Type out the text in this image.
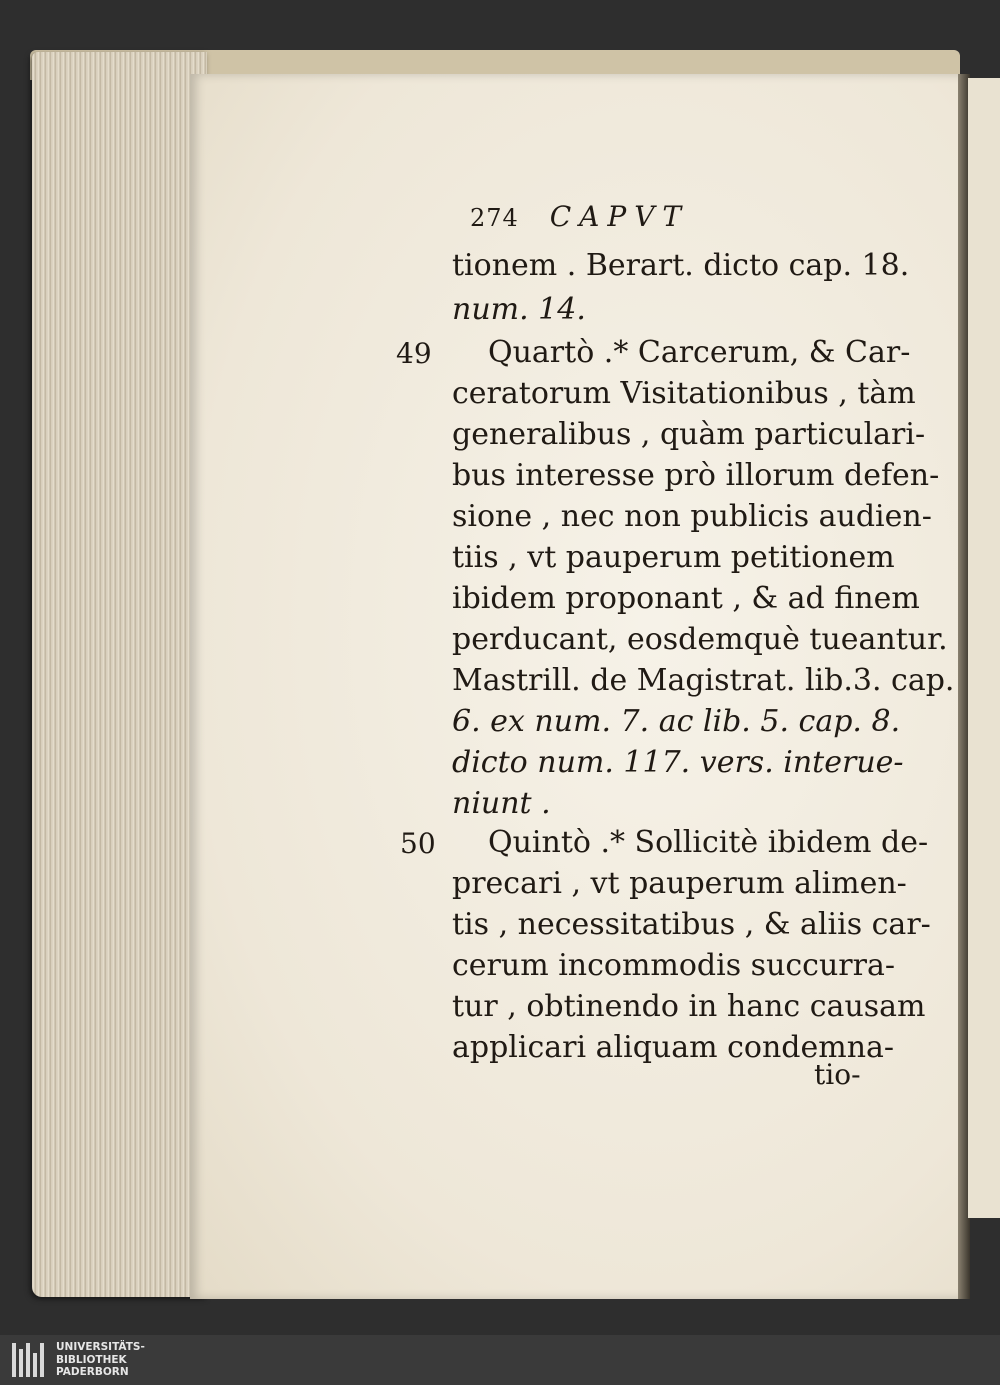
274 CAPVT
tionem . Berart. dicto cap. 18.
num. 14.
49 Quartò .* Carcerum, & Car-
ceratorum Visitationibus , tàm
generalibus , quàm particulari-
bus interesse prò illorum defen-
sione , nec non publicis audien-
tiis , vt pauperum petitionem
ibidem proponant , & ad finem
perducant, eosdemquè tueantur.
Mastrill. de Magistrat. lib.3. cap.
6. ex num. 7. ac lib. 5. cap. 8.
dicto num. 117. vers. interue-
niunt .
50 Quintò .* Sollicitè ibidem de-
precari , vt pauperum alimen-
tis , necessitatibus , & aliis car-
cerum incommodis succurra-
tur , obtinendo in hanc causam
applicari aliquam condemna-
tio-
UNIVERSITÄTS-
BIBLIOTHEK
PADERBORN
